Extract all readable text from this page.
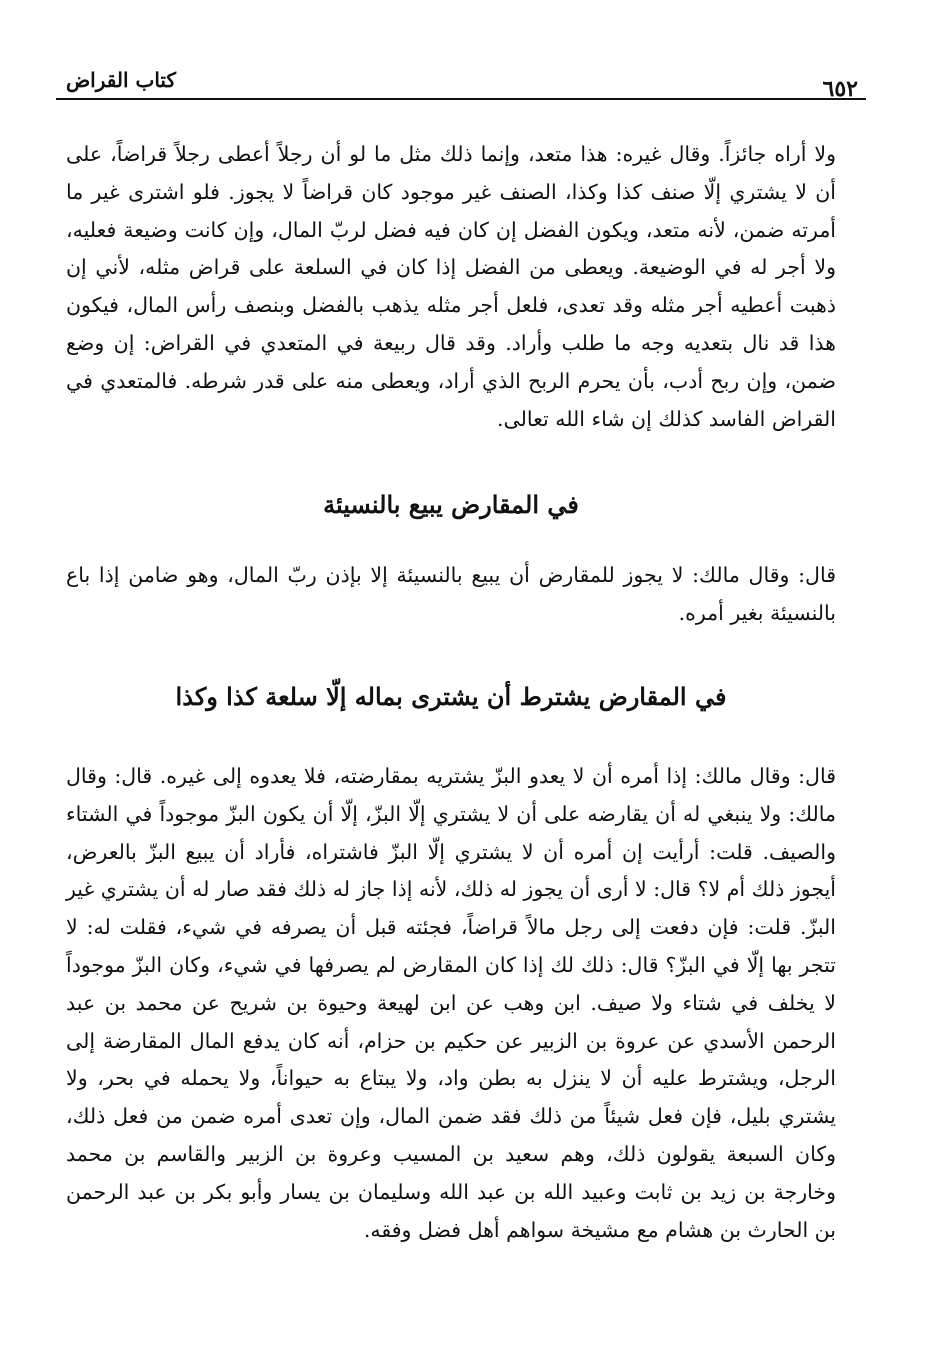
كتاب القراض	٦٥٢

ولا أراه جائزاً. وقال غيره: هذا متعد، وإنما ذلك مثل ما لو أن رجلاً أعطى رجلاً قراضاً، على أن لا يشتري إلّا صنف كذا وكذا، الصنف غير موجود كان قراضاً لا يجوز. فلو اشترى غير ما أمرته ضمن، لأنه متعد، ويكون الفضل إن كان فيه فضل لربّ المال، وإن كانت وضيعة فعليه، ولا أجر له في الوضيعة. ويعطى من الفضل إذا كان في السلعة على قراض مثله، لأني إن ذهبت أعطيه أجر مثله وقد تعدى، فلعل أجر مثله يذهب بالفضل وبنصف رأس المال، فيكون هذا قد نال بتعديه وجه ما طلب وأراد. وقد قال ربيعة في المتعدي في القراض: إن وضع ضمن، وإن ربح أدب، بأن يحرم الربح الذي أراد، ويعطى منه على قدر شرطه. فالمتعدي في القراض الفاسد كذلك إن شاء الله تعالى.

في المقارض يبيع بالنسيئة

قال: وقال مالك: لا يجوز للمقارض أن يبيع بالنسيئة إلا بإذن ربّ المال، وهو ضامن إذا باع بالنسيئة بغير أمره.

في المقارض يشترط أن يشترى بماله إلّا سلعة كذا وكذا

قال: وقال مالك: إذا أمره أن لا يعدو البزّ يشتريه بمقارضته، فلا يعدوه إلى غيره. قال: وقال مالك: ولا ينبغي له أن يقارضه على أن لا يشتري إلّا البزّ، إلّا أن يكون البزّ موجوداً في الشتاء والصيف. قلت: أرأيت إن أمره أن لا يشتري إلّا البزّ فاشتراه، فأراد أن يبيع البزّ بالعرض، أيجوز ذلك أم لا؟ قال: لا أرى أن يجوز له ذلك، لأنه إذا جاز له ذلك فقد صار له أن يشتري غير البزّ. قلت: فإن دفعت إلى رجل مالاً قراضاً، فجئته قبل أن يصرفه في شيء، فقلت له: لا تتجر بها إلّا في البزّ؟ قال: ذلك لك إذا كان المقارض لم يصرفها في شيء، وكان البزّ موجوداً لا يخلف في شتاء ولا صيف. ابن وهب عن ابن لهيعة وحيوة بن شريح عن محمد بن عبد الرحمن الأسدي عن عروة بن الزبير عن حكيم بن حزام، أنه كان يدفع المال المقارضة إلى الرجل، ويشترط عليه أن لا ينزل به بطن واد، ولا يبتاع به حيواناً، ولا يحمله في بحر، ولا يشتري بليل، فإن فعل شيئاً من ذلك فقد ضمن المال، وإن تعدى أمره ضمن من فعل ذلك، وكان السبعة يقولون ذلك، وهم سعيد بن المسيب وعروة بن الزبير والقاسم بن محمد وخارجة بن زيد بن ثابت وعبيد الله بن عبد الله وسليمان بن يسار وأبو بكر بن عبد الرحمن بن الحارث بن هشام مع مشيخة سواهم أهل فضل وفقه.
